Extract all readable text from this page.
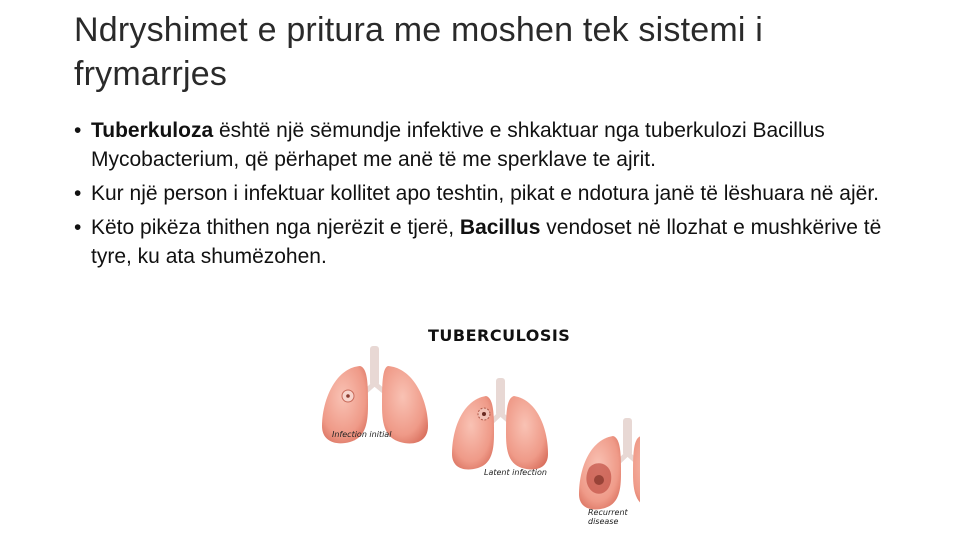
Ndryshimet e pritura me moshen tek sistemi i frymarrjes
• Tuberkuloza është një sëmundje infektive e shkaktuar nga tuberkulozi Bacillus Mycobacterium, që përhapet me anë të me sperklave te ajrit.
• Kur një person i infektuar kollitet apo teshtin, pikat e ndotura janë të lëshuara në ajër.
• Këto pikëza thithen nga njerëzit e tjerë, Bacillus vendoset në llozhat e mushkërive të tyre, ku ata shumëzohen.
TUBERCULOSIS
Infection initial
Latent infection
Recurrent disease
